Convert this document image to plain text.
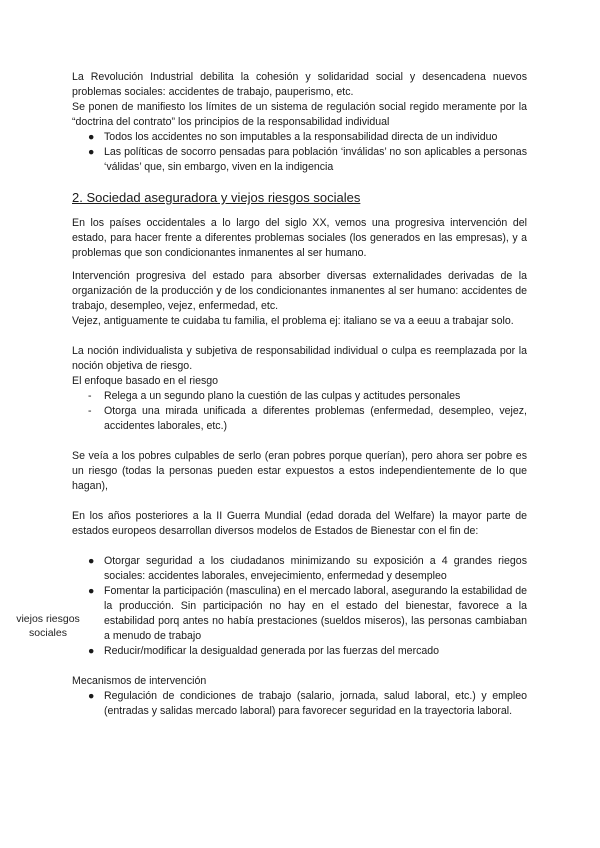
La Revolución Industrial debilita la cohesión y solidaridad social y desencadena nuevos problemas sociales: accidentes de trabajo, pauperismo, etc.

Se ponen de manifiesto los límites de un sistema de regulación social regido meramente por la “doctrina del contrato” los principios de la responsabilidad individual

● Todos los accidentes no son imputables a la responsabilidad directa de un individuo
● Las políticas de socorro pensadas para población ‘inválidas’ no son aplicables a personas ‘válidas’ que, sin embargo, viven en la indigencia
2. Sociedad aseguradora y viejos riesgos sociales

En los países occidentales a lo largo del siglo XX, vemos una progresiva intervención del estado, para hacer frente a diferentes problemas sociales (los generados en las empresas), y a problemas que son condicionantes inmanentes al ser humano.

Intervención progresiva del estado para absorber diversas externalidades derivadas de la organización de la producción y de los condicionantes inmanentes al ser humano: accidentes de trabajo, desempleo, vejez, enfermedad, etc.

Vejez, antiguamente te cuidaba tu familia, el problema ej: italiano se va a eeuu a trabajar solo.

La noción individualista y subjetiva de responsabilidad individual o culpa es reemplazada por la noción objetiva de riesgo.

El enfoque basado en el riesgo

-	Relega a un segundo plano la cuestión de las culpas y actitudes personales
-	Otorga una mirada unificada a diferentes problemas (enfermedad, desempleo, vejez, accidentes laborales, etc.)

Se veía a los pobres culpables de serlo (eran pobres porque querían), pero ahora ser pobre es un riesgo (todas la personas pueden estar expuestos a estos independientemente de lo que hagan),

En los años posteriores a la II Guerra Mundial (edad dorada del Welfare) la mayor parte de estados europeos desarrollan diversos modelos de Estados de Bienestar con el fin de:

● Otorgar seguridad a los ciudadanos minimizando su exposición a 4 grandes riegos sociales: accidentes laborales, envejecimiento, enfermedad y desempleo
● Fomentar la participación (masculina) en el mercado laboral, asegurando la estabilidad de la producción. Sin participación no hay en el estado del bienestar, favorece a la estabilidad porq antes no había prestaciones (sueldos miseros), las personas cambiaban a menudo de trabajo
● Reducir/modificar la desigualdad generada por las fuerzas del mercado

Mecanismos de intervención

● Regulación de condiciones de trabajo (salario, jornada, salud laboral, etc.) y empleo (entradas y salidas mercado laboral) para favorecer seguridad en la trayectoria laboral.
viejos riesgos sociales
